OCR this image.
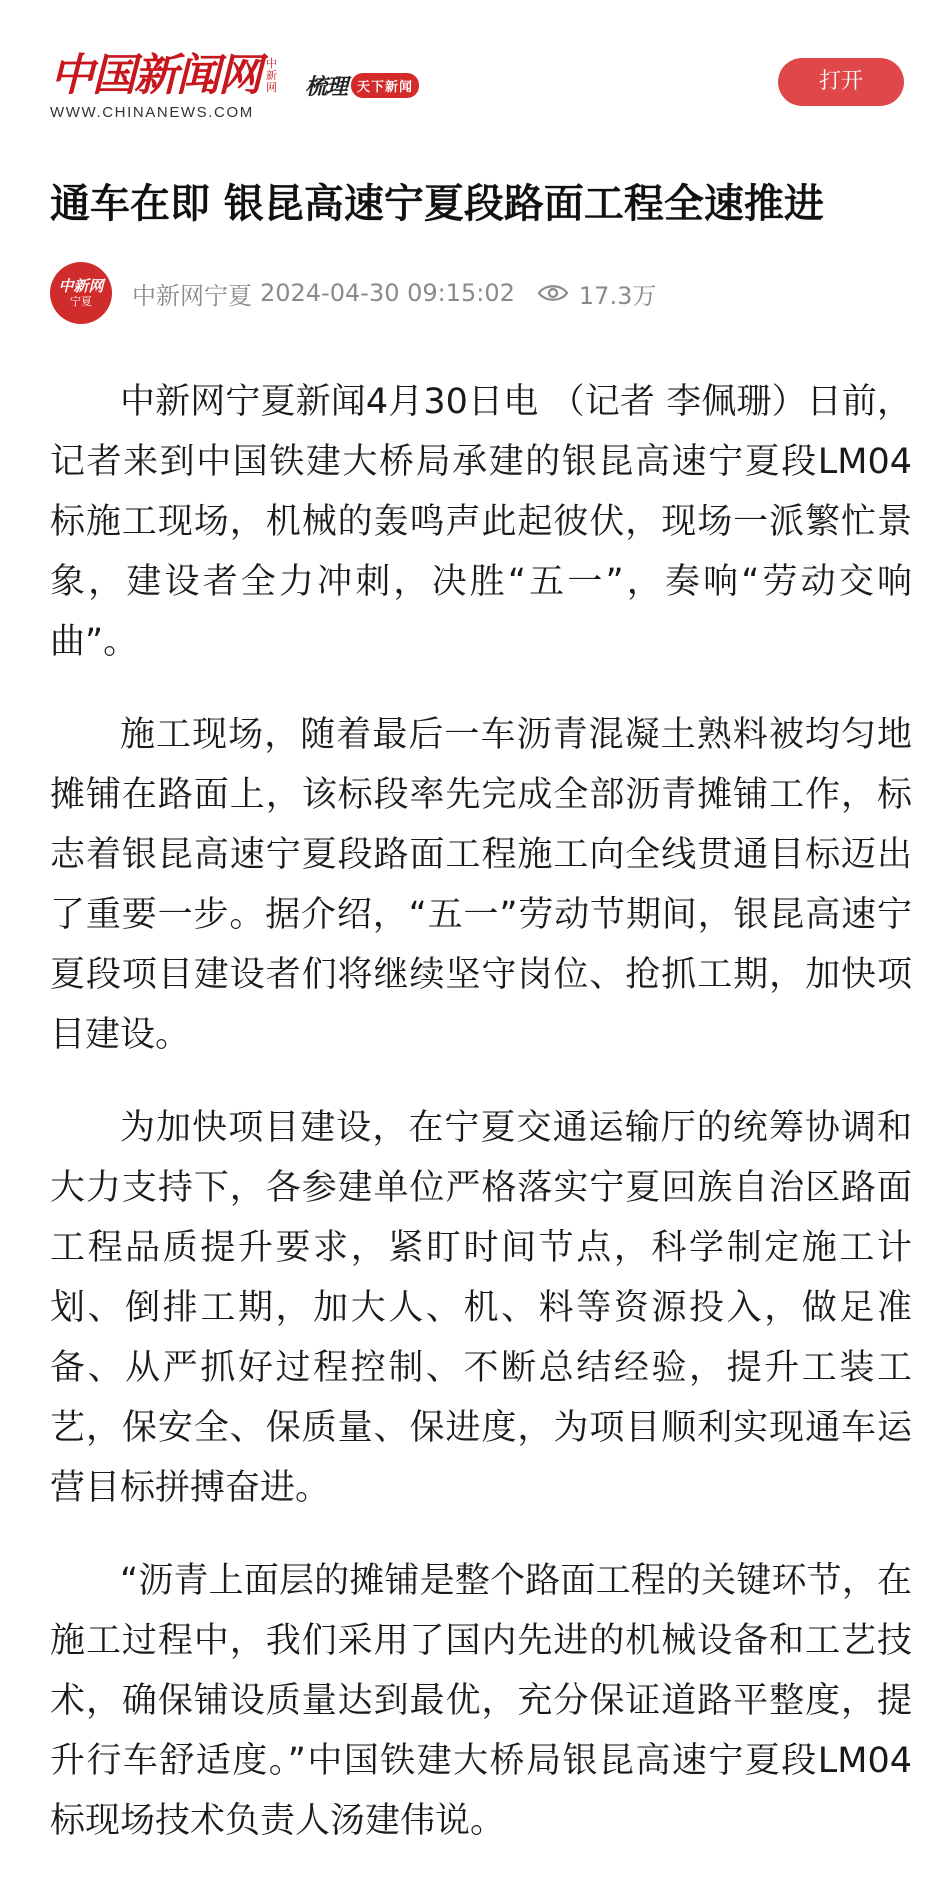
中国新闻网 中新网
WWW.CHINANEWS.COM
梳理 天下新闻	打开
通车在即 银昆高速宁夏段路面工程全速推进
中新网
宁夏 中新网宁夏 2024-04-30 09:15:02	17.3万

中新网宁夏新闻4月30日电 （记者 李佩珊）日前，记者来到中国铁建大桥局承建的银昆高速宁夏段LM04标施工现场，机械的轰鸣声此起彼伏，现场一派繁忙景象，建设者全力冲刺，决胜“五一”，奏响“劳动交响曲”。

施工现场，随着最后一车沥青混凝土熟料被均匀地摊铺在路面上，该标段率先完成全部沥青摊铺工作，标志着银昆高速宁夏段路面工程施工向全线贯通目标迈出了重要一步。据介绍，“五一”劳动节期间，银昆高速宁夏段项目建设者们将继续坚守岗位、抢抓工期，加快项目建设。

为加快项目建设，在宁夏交通运输厅的统筹协调和大力支持下，各参建单位严格落实宁夏回族自治区路面工程品质提升要求，紧盯时间节点，科学制定施工计划、倒排工期，加大人、机、料等资源投入，做足准备、从严抓好过程控制、不断总结经验，提升工装工艺，保安全、保质量、保进度，为项目顺利实现通车运营目标拼搏奋进。

“沥青上面层的摊铺是整个路面工程的关键环节，在施工过程中，我们采用了国内先进的机械设备和工艺技术，确保铺设质量达到最优，充分保证道路平整度，提升行车舒适度。”中国铁建大桥局银昆高速宁夏段LM04标现场技术负责人汤建伟说。
